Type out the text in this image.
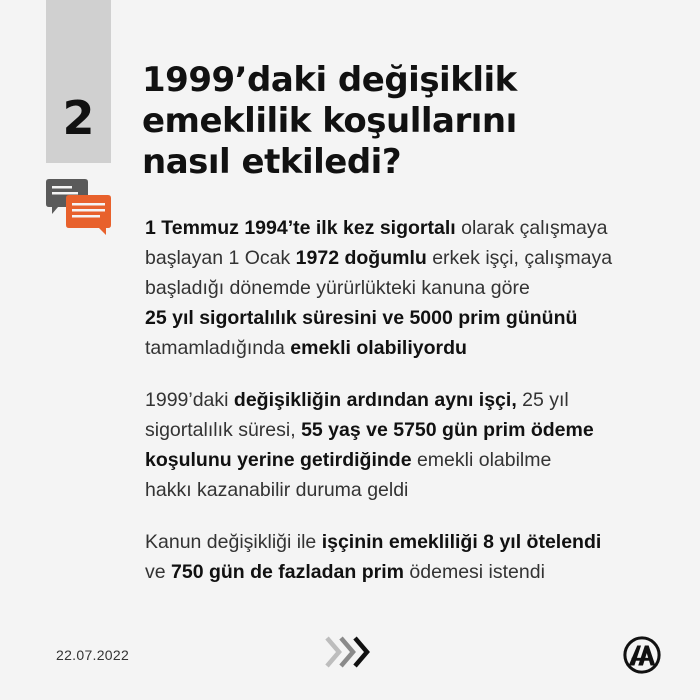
2
1999’daki değişiklik
emeklilik koşullarını
nasıl etkiledi?
1 Temmuz 1994’te ilk kez sigortalı olarak çalışmaya
başlayan 1 Ocak 1972 doğumlu erkek işçi, çalışmaya
başladığı dönemde yürürlükteki kanuna göre
25 yıl sigortalılık süresini ve 5000 prim gününü
tamamladığında emekli olabiliyordu
1999’daki değişikliğin ardından aynı işçi, 25 yıl
sigortalılık süresi, 55 yaş ve 5750 gün prim ödeme
koşulunu yerine getirdiğinde emekli olabilme
hakkı kazanabilir duruma geldi
Kanun değişikliği ile işçinin emekliliği 8 yıl ötelendi
ve 750 gün de fazladan prim ödemesi istendi
22.07.2022
